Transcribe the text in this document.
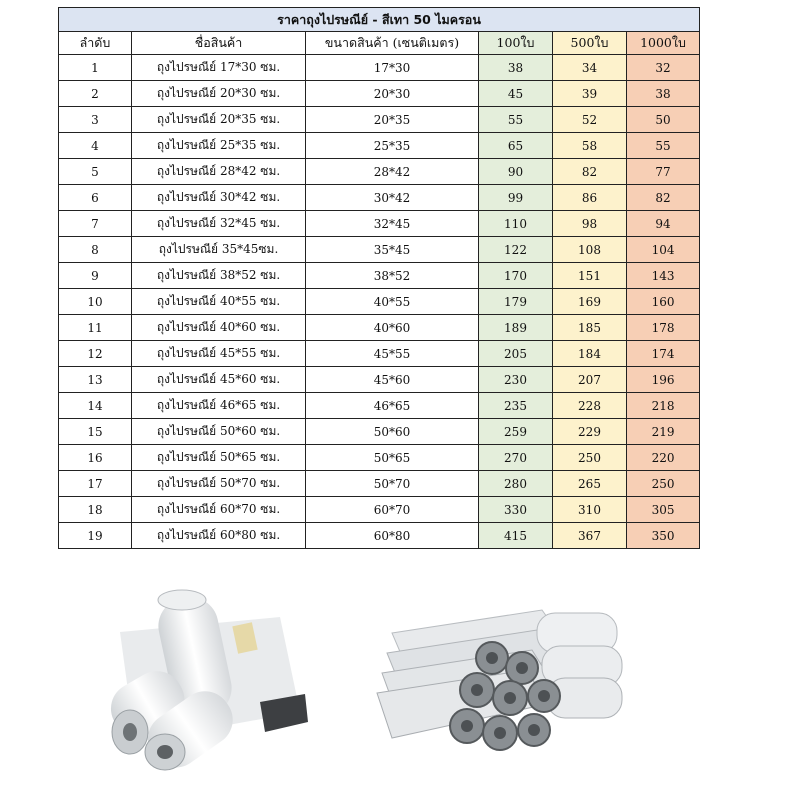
ราคาถุงไปรษณีย์ - สีเทา 50 ไมครอน					
ลำดับ	ชื่อสินค้า	ขนาดสินค้า (เซนติเมตร)	100ใบ	500ใบ	1000ใบ
1	ถุงไปรษณีย์ 17*30 ซม.	17*30	38	34	32
2	ถุงไปรษณีย์ 20*30 ซม.	20*30	45	39	38
3	ถุงไปรษณีย์ 20*35 ซม.	20*35	55	52	50
4	ถุงไปรษณีย์ 25*35 ซม.	25*35	65	58	55
5	ถุงไปรษณีย์ 28*42 ซม.	28*42	90	82	77
6	ถุงไปรษณีย์ 30*42 ซม.	30*42	99	86	82
7	ถุงไปรษณีย์ 32*45 ซม.	32*45	110	98	94
8	ถุงไปรษณีย์ 35*45ซม.	35*45	122	108	104
9	ถุงไปรษณีย์ 38*52 ซม.	38*52	170	151	143
10	ถุงไปรษณีย์ 40*55 ซม.	40*55	179	169	160
11	ถุงไปรษณีย์ 40*60 ซม.	40*60	189	185	178
12	ถุงไปรษณีย์ 45*55 ซม.	45*55	205	184	174
13	ถุงไปรษณีย์ 45*60 ซม.	45*60	230	207	196
14	ถุงไปรษณีย์ 46*65 ซม.	46*65	235	228	218
15	ถุงไปรษณีย์ 50*60 ซม.	50*60	259	229	219
16	ถุงไปรษณีย์ 50*65 ซม.	50*65	270	250	220
17	ถุงไปรษณีย์ 50*70 ซม.	50*70	280	265	250
18	ถุงไปรษณีย์ 60*70 ซม.	60*70	330	310	305
19	ถุงไปรษณีย์ 60*80 ซม.	60*80	415	367	350
